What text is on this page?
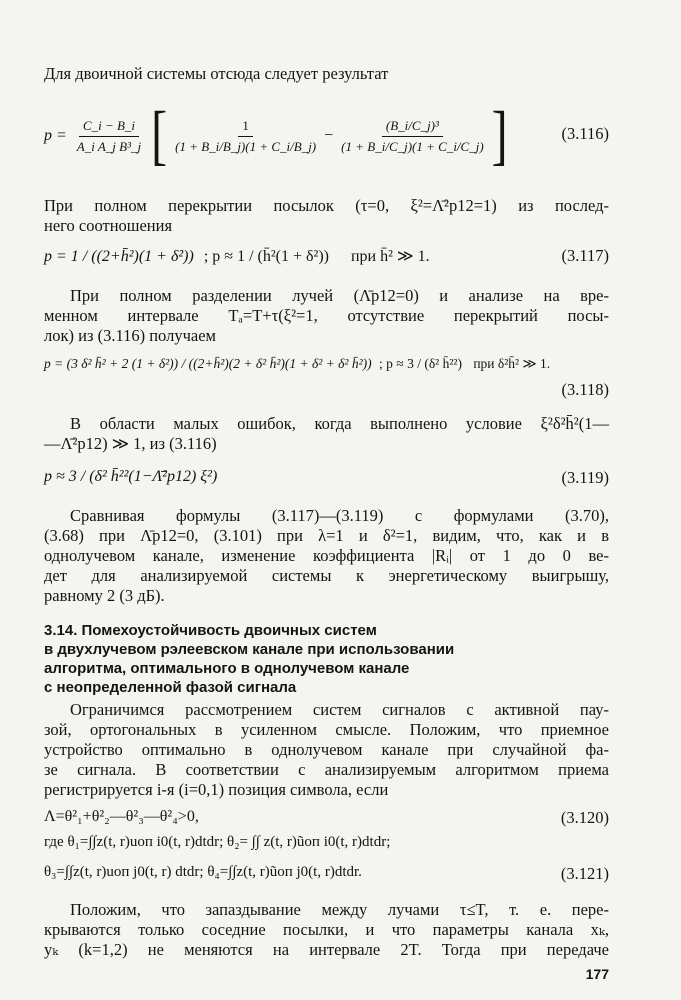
Для двоичной системы отсюда следует результат
$p = \frac{C\_i - B\_i}{\text{A\_i A\_j B³\_j}}$ [ $\frac{1}{(1 + B\_i/B\_j)(1 + C\_i/B\_j)} - \frac{\text{(B\_i/C\_j)³}}{(1 + B\_i/C\_j)(1 + C\_i/C\_j)}$ ]	(3.116)
При полном перекрытии посылок (τ=0, ξ²=Λ̄²p12=1) из послед-
него соотношения
p = 1 / ((2+h̄²)(1 + δ²)) ; p ≈ 1 / (h̄²(1 + δ²)) при h̄² ≫ 1.	(3.117)
При полном разделении лучей (Λ̄p12=0) и анализе на вре-
менном интервале Tₐ=T+τ(ξ²=1, отсутствие перекрытий посы-
лок) из (3.116) получаем
p = (3 δ² h̄² + 2 (1 + δ²)) / ((2+h̄²)(2 + δ² h̄²)(1 + δ² + δ² h̄²)) ; p ≈ 3 / (δ² h̄²²) при δ²h̄² ≫ 1.
(3.118)
В области малых ошибок, когда выполнено условие ξ²δ²h̄²(1—
—Λ̄²p12) ≫ 1, из (3.116)
p ≈ 3 / (δ² h̄²²(1−Λ̄²p12) ξ²)	(3.119)
Сравнивая формулы (3.117)—(3.119) с формулами (3.70),
(3.68) при Λ̄p12=0, (3.101) при λ=1 и δ²=1, видим, что, как и в
однолучевом канале, изменение коэффициента |Rᵢ| от 1 до 0 ве-
дет для анализируемой системы к энергетическому выигрышу,
равному 2 (3 дБ).
3.14. Помехоустойчивость двоичных систем
в двухлучевом рэлеевском канале при использовании
алгоритма, оптимального в однолучевом канале
с неопределенной фазой сигнала
Ограничимся рассмотрением систем сигналов с активной пау-
зой, ортогональных в усиленном смысле. Положим, что приемное
устройство оптимально в однолучевом канале при случайной фа-
зе сигнала. В соответствии с анализируемым алгоритмом приема
регистрируется i-я (i=0,1) позиция символа, если
Λ=θ²₁+θ²₂—θ²₃—θ²₄>0,	(3.120)
где θ₁=∫∫z(t, r)uоп i0(t, r)dtdr; θ₂= ∫∫ z(t, r)ũоп i0(t, r)dtdr;
θ₃=∫∫z(t, r)uоп j0(t, r) dtdr; θ₄=∫∫z(t, r)ũоп j0(t, r)dtdr.	(3.121)
Положим, что запаздывание между лучами τ≤T, т. е. пере-
крываются только соседние посылки, и что параметры канала xₖ,
yₖ (k=1,2) не меняются на интервале 2T. Тогда при передаче
177
